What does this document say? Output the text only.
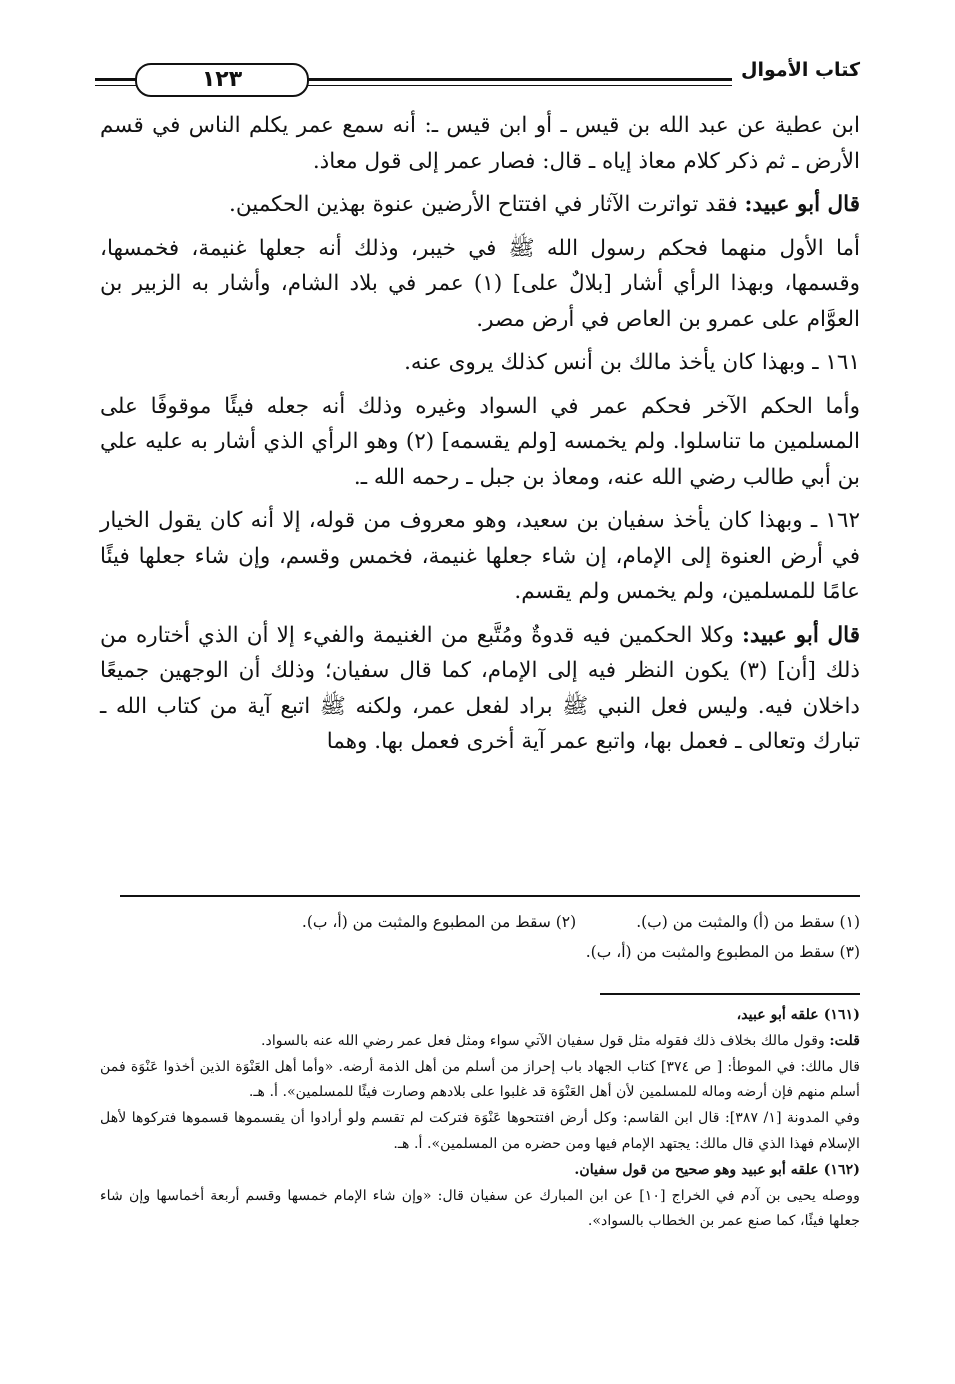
كتاب الأموال
١٢٣

ابن عطية عن عبد الله بن قيس ـ أو ابن قيس ـ: أنه سمع عمر يكلم الناس في قسم الأرض ـ ثم ذكر كلام معاذ إياه ـ قال: فصار عمر إلى قول معاذ.

قال أبو عبيد: فقد تواترت الآثار في افتتاح الأرضين عنوة بهذين الحكمين.

أما الأول منهما فحكم رسول الله ﷺ في خيبر، وذلك أنه جعلها غنيمة، فخمسها، وقسمها، وبهذا الرأي أشار [بلالٌ على] (١) عمر في بلاد الشام، وأشار به الزبير بن العوَّام على عمرو بن العاص في أرض مصر.

١٦١ ـ وبهذا كان يأخذ مالك بن أنس كذلك يروى عنه.

وأما الحكم الآخر فحكم عمر في السواد وغيره وذلك أنه جعله فيئًا موقوفًا على المسلمين ما تناسلوا. ولم يخمسه [ولم يقسمه] (٢) وهو الرأي الذي أشار به عليه علي بن أبي طالب رضي الله عنه، ومعاذ بن جبل ـ رحمه الله ـ.

١٦٢ ـ وبهذا كان يأخذ سفيان بن سعيد، وهو معروف من قوله، إلا أنه كان يقول الخيار في أرض العنوة إلى الإمام، إن شاء جعلها غنيمة، فخمس وقسم، وإن شاء جعلها فيئًا عامًا للمسلمين، ولم يخمس ولم يقسم.

قال أبو عبيد: وكلا الحكمين فيه قدوةٌ ومُتَّبع من الغنيمة والفيء إلا أن الذي أختاره من ذلك [أن] (٣) يكون النظر فيه إلى الإمام، كما قال سفيان؛ وذلك أن الوجهين جميعًا داخلان فيه. وليس فعل النبي ﷺ براد لفعل عمر، ولكنه ﷺ اتبع آية من كتاب الله ـ تبارك وتعالى ـ فعمل بها، واتبع عمر آية أخرى فعمل بها. وهما

(١) سقط من (أ) والمثبت من (ب).
(٢) سقط من المطبوع والمثبت من (أ، ب).
(٣) سقط من المطبوع والمثبت من (أ، ب).

(١٦١) علقه أبو عبيد،

قلت: وقول مالك بخلاف ذلك فقوله مثل قول سفيان الآتي سواء ومثل فعل عمر رضي الله عنه بالسواد.

قال مالك: في الموطأ: [ ص ٣٧٤] كتاب الجهاد باب إحراز من أسلم من أهل الذمة أرضه. «وأما أهل العَنْوَة الذين أخذوا عَنْوَة فمن أسلم منهم فإن أرضه وماله للمسلمين لأن أهل العَنْوَة قد غلبوا على بلادهم وصارت فيئًا للمسلمين». أ. هـ.

وفي المدونة [١/ ٣٨٧]: قال ابن القاسم: وكل أرض افتتحوها عَنْوَة فتركت لم تقسم ولو أرادوا أن يقسموها قسموها فتركوها لأهل الإسلام فهذا الذي قال مالك: يجتهد الإمام فيها ومن حضره من المسلمين». أ. هـ.

(١٦٢) علقه أبو عبيد وهو صحيح من قول سفيان.

ووصله يحيى بن آدم في الخراج [١٠] عن ابن المبارك عن سفيان قال: «وإن شاء الإمام خمسها وقسم أربعة أخماسها وإن شاء جعلها فيئًا، كما صنع عمر بن الخطاب بالسواد».
